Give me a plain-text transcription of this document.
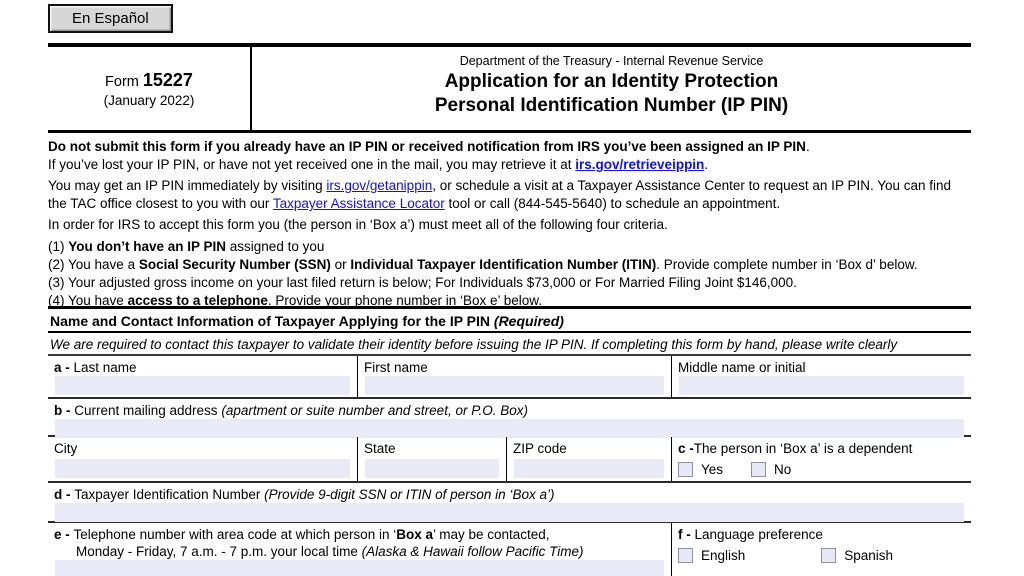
En Español
Form 15227
(January 2022)
Department of the Treasury - Internal Revenue Service
Application for an Identity Protection
Personal Identification Number (IP PIN)

Do not submit this form if you already have an IP PIN or received notification from IRS you’ve been assigned an IP PIN.

If you’ve lost your IP PIN, or have not yet received one in the mail, you may retrieve it at irs.gov/retrieveippin.

You may get an IP PIN immediately by visiting irs.gov/getanippin, or schedule a visit at a Taxpayer Assistance Center to request an IP PIN. You can find the TAC office closest to you with our Taxpayer Assistance Locator tool or call (844-545-5640) to schedule an appointment.

In order for IRS to accept this form you (the person in ‘Box a’) must meet all of the following four criteria.

(1) You don’t have an IP PIN assigned to you

(2) You have a Social Security Number (SSN) or Individual Taxpayer Identification Number (ITIN). Provide complete number in ‘Box d’ below.

(3) Your adjusted gross income on your last filed return is below; For Individuals $73,000 or For Married Filing Joint $146,000.

(4) You have access to a telephone. Provide your phone number in ‘Box e’ below.

Name and Contact Information of Taxpayer Applying for the IP PIN (Required)
We are required to contact this taxpayer to validate their identity before issuing the IP PIN. If completing this form by hand, please write clearly
a - Last name	First name	Middle name or initial
b - Current mailing address (apartment or suite number and street, or P.O. Box)
City	State	ZIP code	c -The person in ‘Box a’ is a dependent
Yes	No
d - Taxpayer Identification Number (Provide 9-digit SSN or ITIN of person in ‘Box a’)
e - Telephone number with area code at which person in ‘Box a’ may be contacted,
Monday - Friday, 7 a.m. - 7 p.m. your local time (Alaska & Hawaii follow Pacific Time)
f - Language preference
English	Spanish
